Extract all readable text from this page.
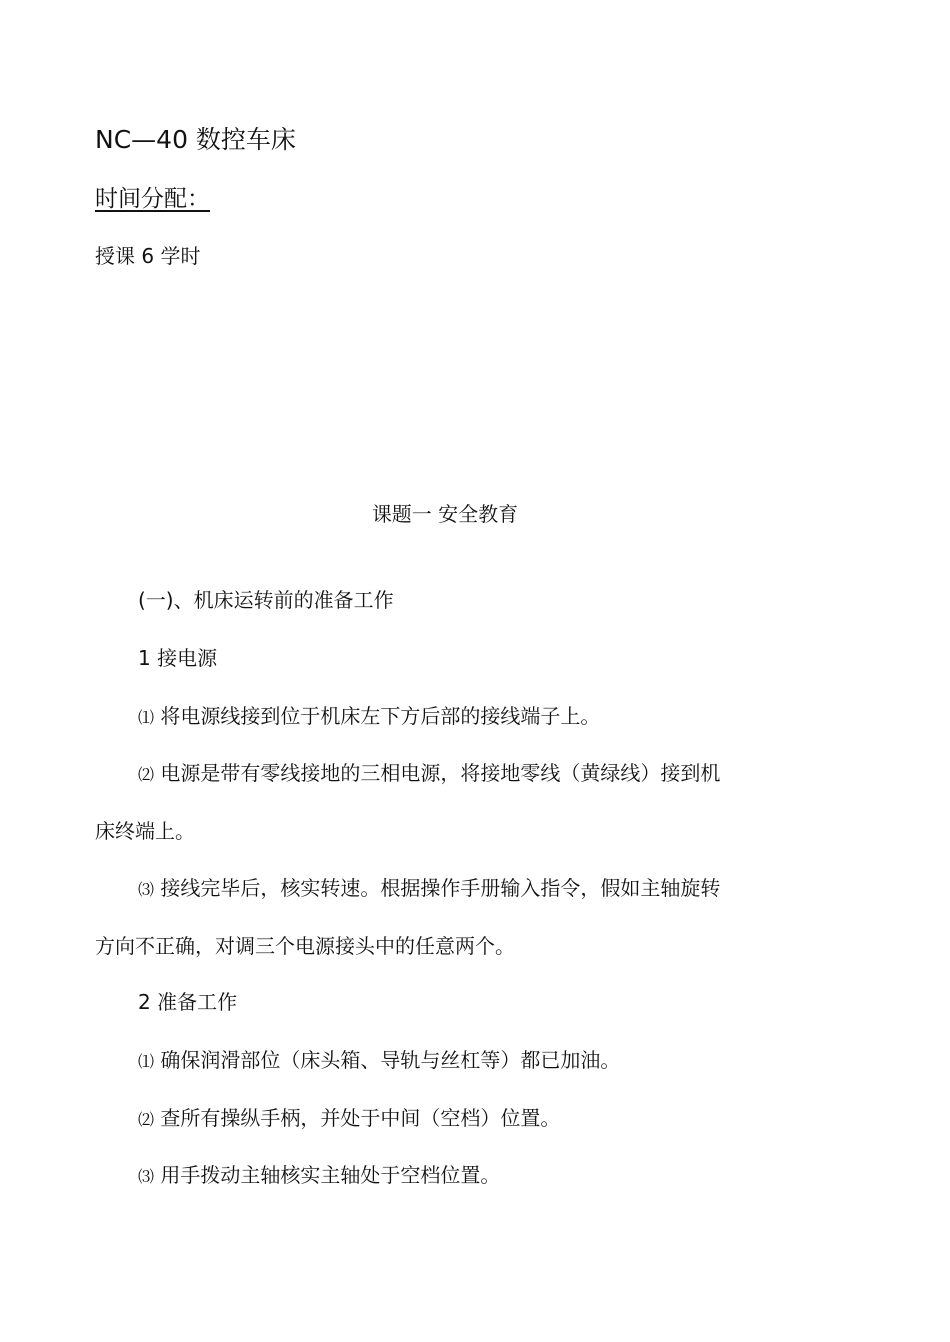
NC—40 数控车床
时间分配：
授课 6 学时
课题一 安全教育
(一)、机床运转前的准备工作
1 接电源
⑴ 将电源线接到位于机床左下方后部的接线端子上。
⑵ 电源是带有零线接地的三相电源，将接地零线（黄绿线）接到机
床终端上。
⑶ 接线完毕后，核实转速。根据操作手册输入指令，假如主轴旋转
方向不正确，对调三个电源接头中的任意两个。
2 准备工作
⑴ 确保润滑部位（床头箱、导轨与丝杠等）都已加油。
⑵ 查所有操纵手柄，并处于中间（空档）位置。
⑶ 用手拨动主轴核实主轴处于空档位置。
